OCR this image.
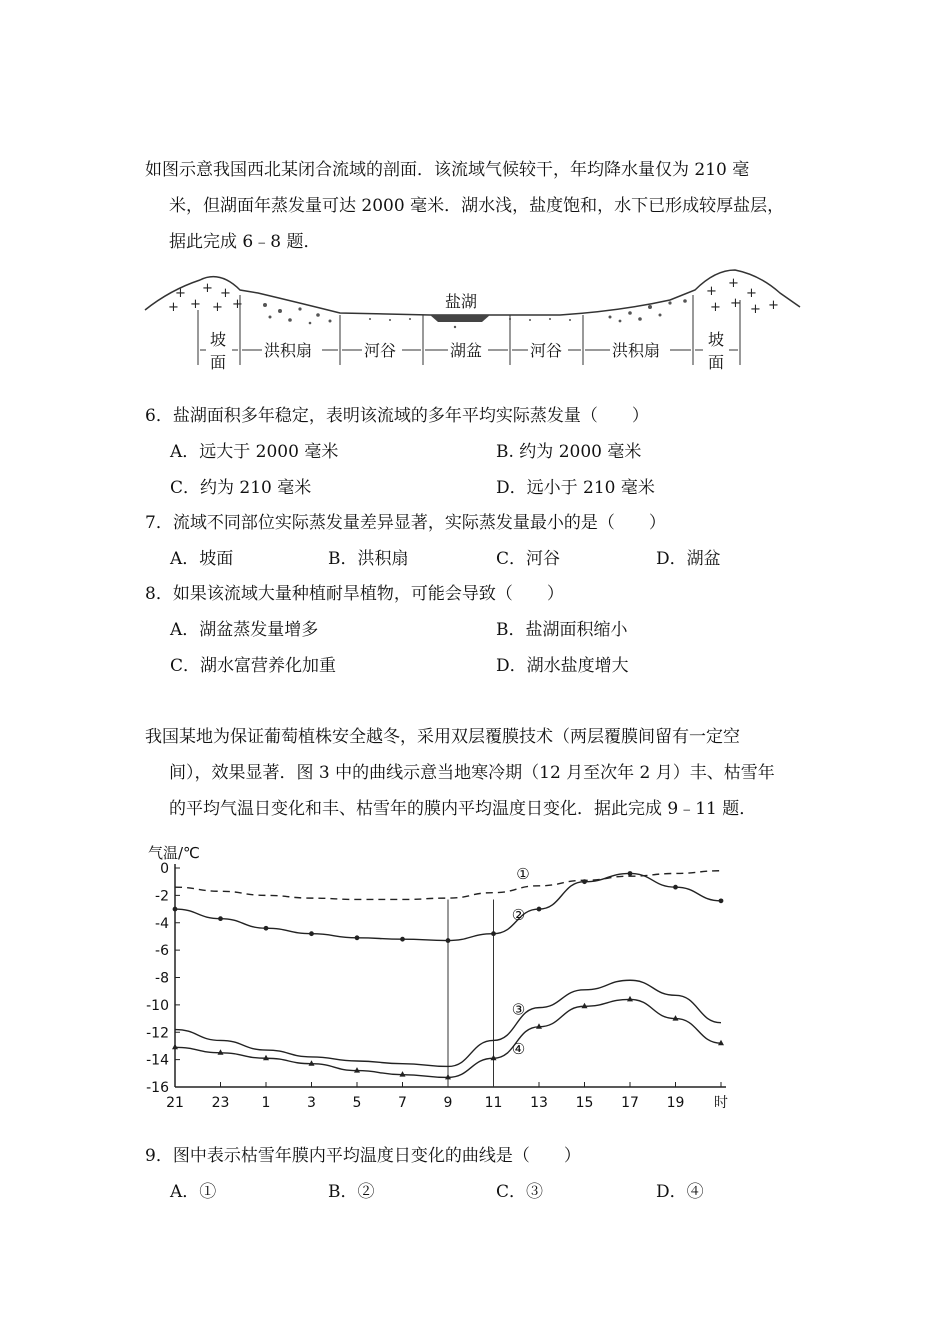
如图示意我国西北某闭合流域的剖面．该流域气候较干，年均降水量仅为 210 毫
米，但湖面年蒸发量可达 2000 毫米．湖水浅，盐度饱和，水下已形成较厚盐层，
据此完成 6﹣8 题．
盐湖
+ + +
+ + + +
+
+
+
+ + + +
坡
面
洪积扇	河谷	湖盆	河谷	洪积扇
坡
面
6．盐湖面积多年稳定，表明该流域的多年平均实际蒸发量（　　）
A．远大于 2000 毫米	B. 约为 2000 毫米
C．约为 210 毫米	D．远小于 210 毫米
7．流域不同部位实际蒸发量差异显著，实际蒸发量最小的是（　　）
A．坡面	B．洪积扇	C．河谷	D．湖盆
8．如果该流域大量种植耐旱植物，可能会导致（　　）
A．湖盆蒸发量增多	B．盐湖面积缩小
C．湖水富营养化加重	D．湖水盐度增大
我国某地为保证葡萄植株安全越冬，采用双层覆膜技术（两层覆膜间留有一定空
间），效果显著．图 3 中的曲线示意当地寒冷期（12 月至次年 2 月）丰、枯雪年
的平均气温日变化和丰、枯雪年的膜内平均温度日变化．据此完成 9﹣11 题．
气温/℃
0
-2
-4
-6
-8
-10
-12
-14
-16
21 23 1	3	5	7	9 11 13 15 17 19 时
①
②
③
④
9．图中表示枯雪年膜内平均温度日变化的曲线是（　　）
A．①	B．②	C．③	D．④
